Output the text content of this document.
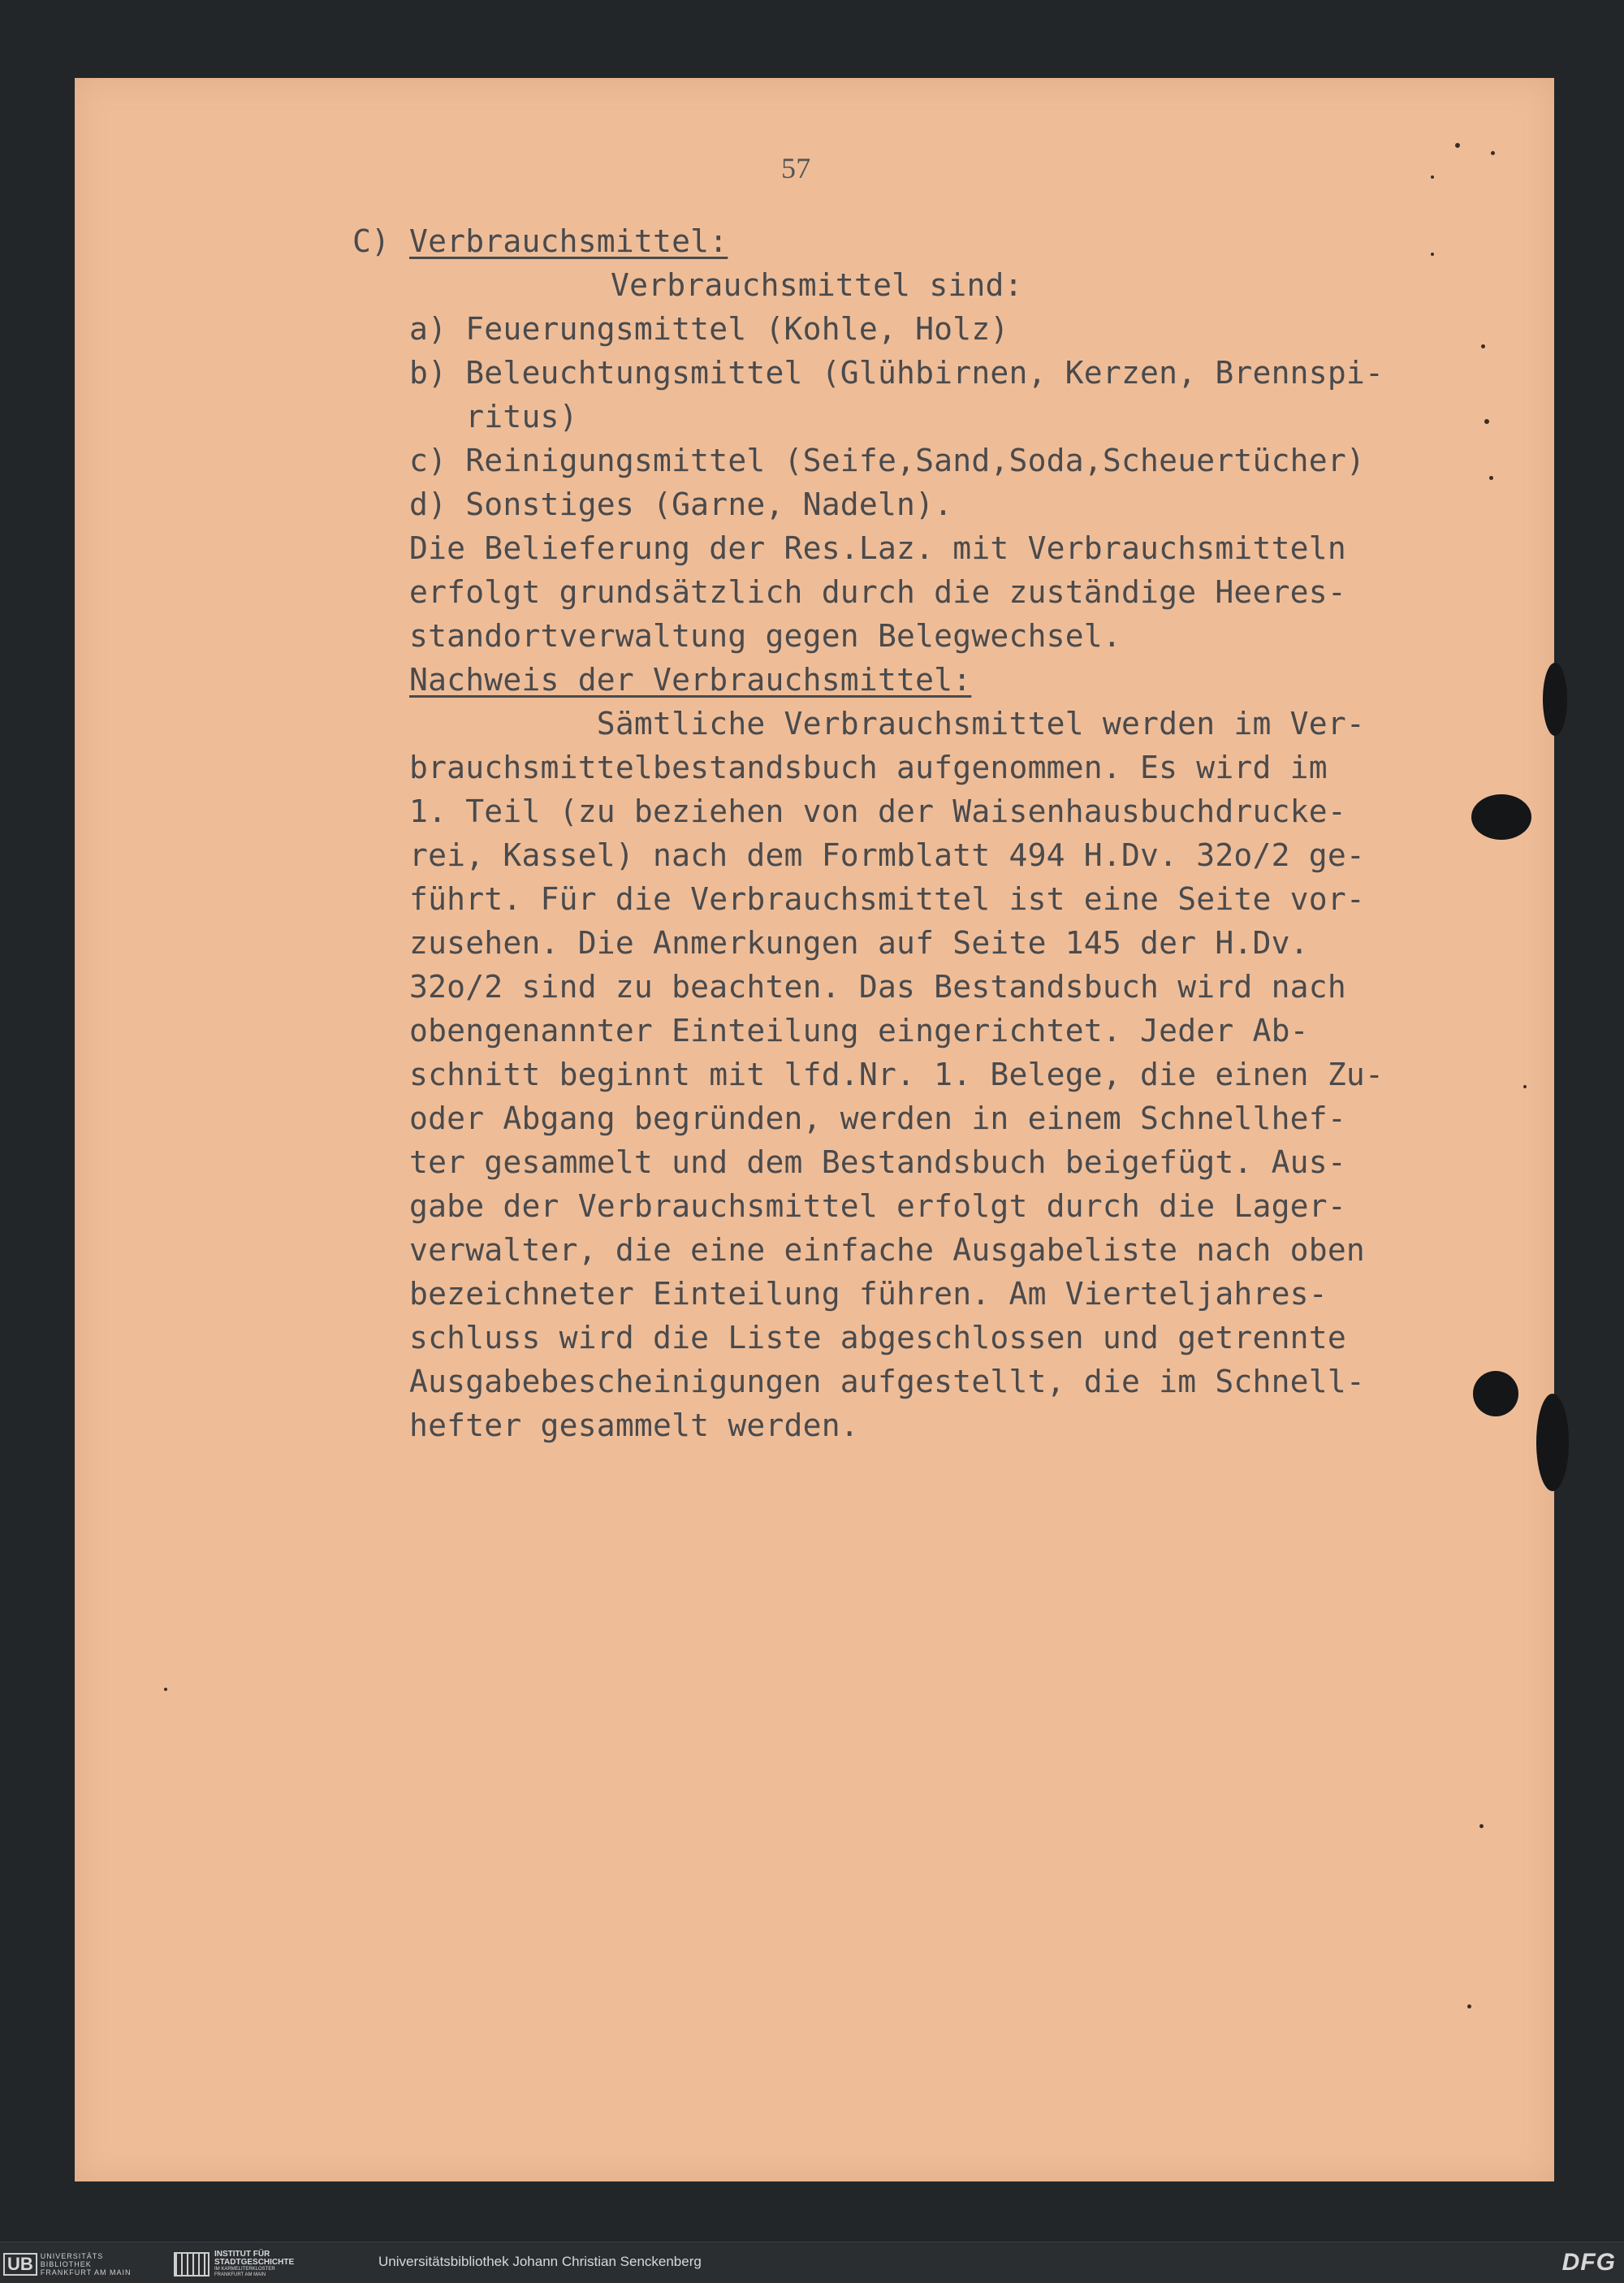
57
C) Verbrauchsmittel:
Verbrauchsmittel sind:
a) Feuerungsmittel (Kohle, Holz)
b) Beleuchtungsmittel (Glühbirnen, Kerzen, Brennspi-
ritus)
c) Reinigungsmittel (Seife,Sand,Soda,Scheuertücher)
d) Sonstiges (Garne, Nadeln).
Die Belieferung der Res.Laz. mit Verbrauchsmitteln
erfolgt grundsätzlich durch die zuständige Heeres-
standortverwaltung gegen Belegwechsel.
Nachweis der Verbrauchsmittel:
Sämtliche Verbrauchsmittel werden im Ver-
brauchsmittelbestandsbuch aufgenommen. Es wird im
1. Teil (zu beziehen von der Waisenhausbuchdrucke-
rei, Kassel) nach dem Formblatt 494 H.Dv. 32o/2 ge-
führt. Für die Verbrauchsmittel ist eine Seite vor-
zusehen. Die Anmerkungen auf Seite 145 der H.Dv.
32o/2 sind zu beachten. Das Bestandsbuch wird nach
obengenannter Einteilung eingerichtet. Jeder Ab-
schnitt beginnt mit lfd.Nr. 1. Belege, die einen Zu-
oder Abgang begründen, werden in einem Schnellhef-
ter gesammelt und dem Bestandsbuch beigefügt. Aus-
gabe der Verbrauchsmittel erfolgt durch die Lager-
verwalter, die eine einfache Ausgabeliste nach oben
bezeichneter Einteilung führen. Am Vierteljahres-
schluss wird die Liste abgeschlossen und getrennte
Ausgabebescheinigungen aufgestellt, die im Schnell-
hefter gesammelt werden.
UB	UNIVERSITÄTS
BIBLIOTHEK
FRANKFURT AM MAIN
INSTITUT FÜR
STADTGESCHICHTE
IM KARMELITERKLOSTER
FRANKFURT AM MAIN
Universitätsbibliothek Johann Christian Senckenberg	DFG
